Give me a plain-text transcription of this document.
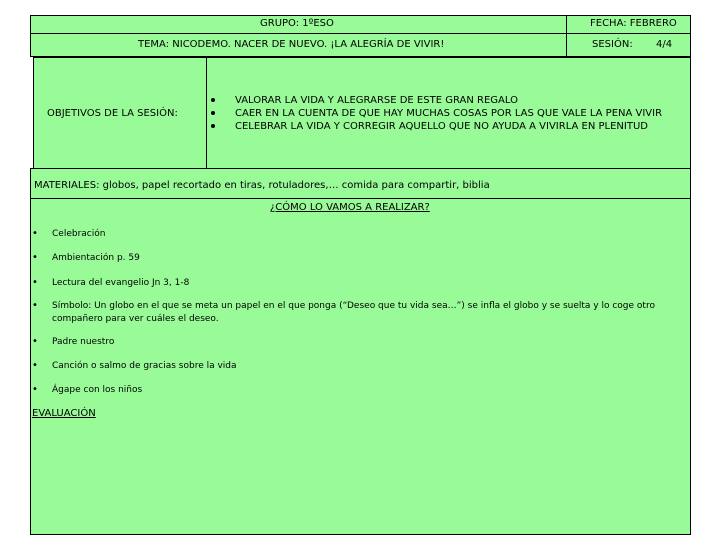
GRUPO: 1ºESO	FECHA: FEBRERO
TEMA: NICODEMO. NACER DE NUEVO. ¡LA ALEGRÍA DE VIVIR!	SESIÓN: 4/4
OBJETIVOS DE LA SESIÓN:
VALORAR LA VIDA Y ALEGRARSE DE ESTE GRAN REGALO
CAER EN LA CUENTA DE QUE HAY MUCHAS COSAS POR LAS QUE VALE LA PENA VIVIR
CELEBRAR LA VIDA Y CORREGIR AQUELLO QUE NO AYUDA A VIVIRLA EN PLENITUD
MATERIALES: globos, papel recortado en tiras, rotuladores,… comida para compartir, biblia
¿CÓMO LO VAMOS A REALIZAR?
• Celebración
• Ambientación p. 59
• Lectura del evangelio Jn 3, 1-8
• Símbolo: Un globo en el que se meta un papel en el que ponga (“Deseo que tu vida sea…”) se infla el globo y se suelta y lo coge otro
compañero para ver cuáles el deseo.
• Padre nuestro
• Canción o salmo de gracias sobre la vida
• Ágape con los niños
EVALUACIÓN
